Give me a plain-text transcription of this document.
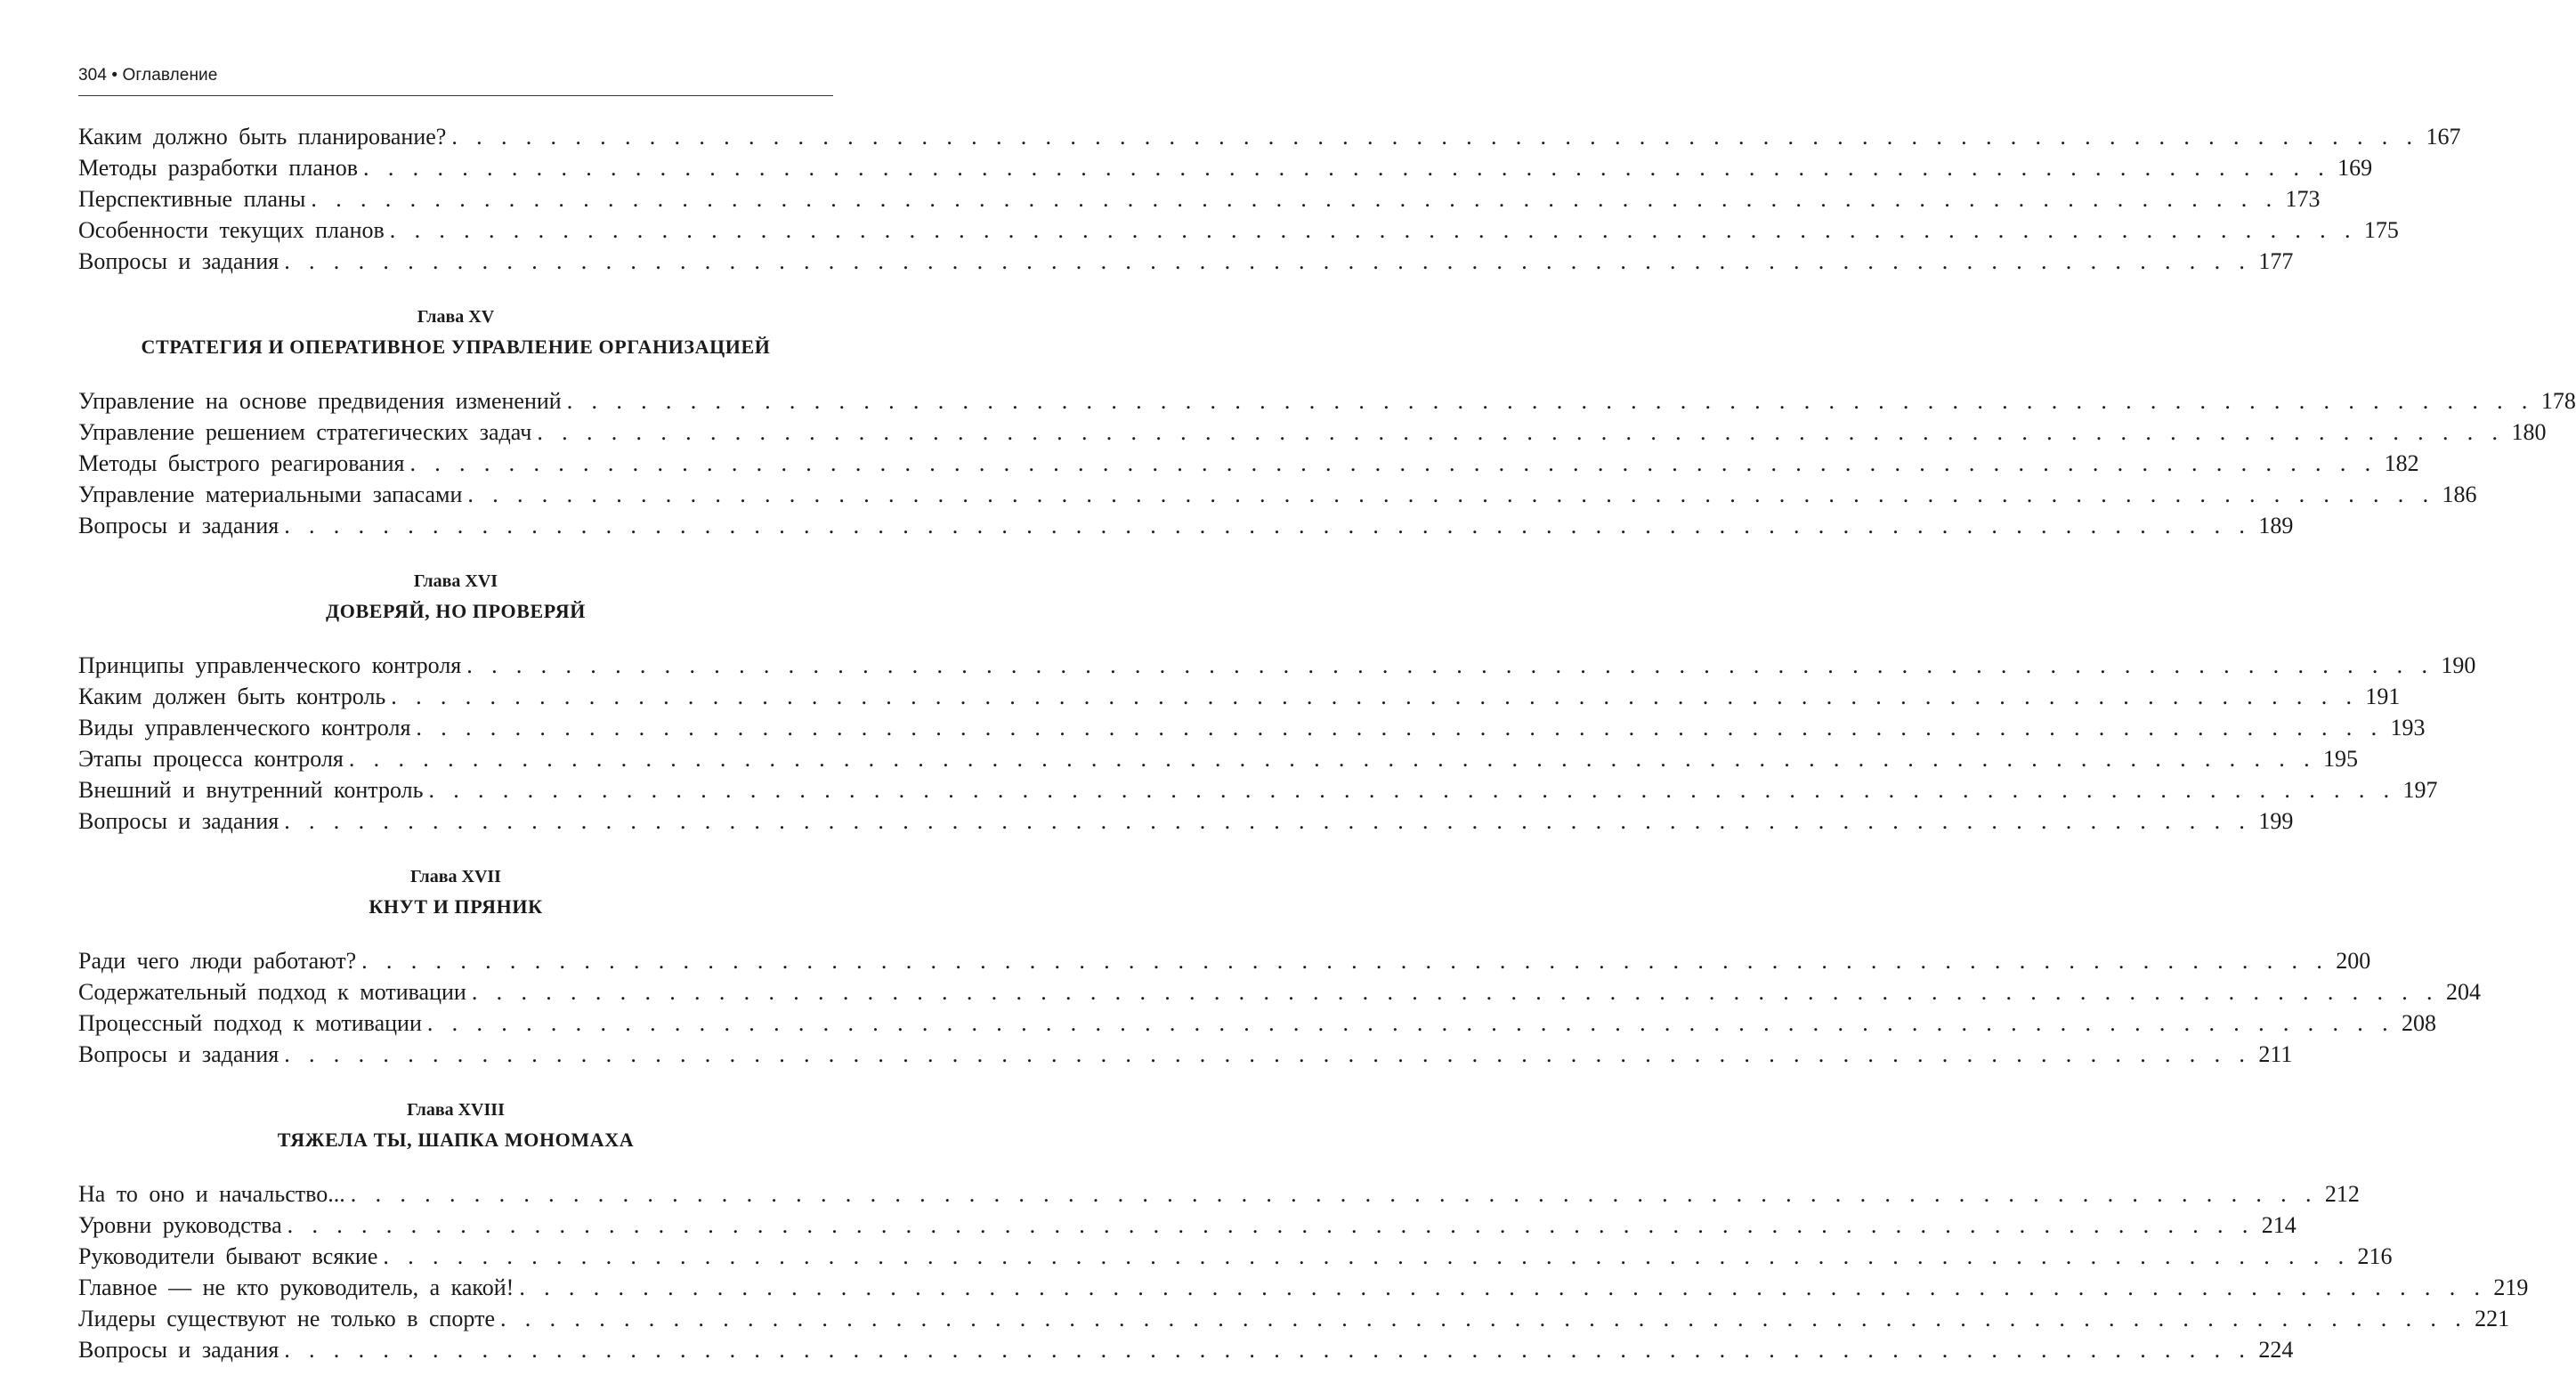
304 • Оглавление
Каким должно быть планирование? . . . . . . . . . . . . . . . . . . . . . . . . . . . . . . . . . . . . . . . . . . . . . . . . . . . . . . . . . . . . . . . . . . . . . . . . . . . . . . . . 167
Методы разработки планов . . . . . . . . . . . . . . . . . . . . . . . . . . . . . . . . . . . . . . . . . . . . . . . . . . . . . . . . . . . . . . . . . . . . . . . . . . . . . . . . 169
Перспективные планы . . . . . . . . . . . . . . . . . . . . . . . . . . . . . . . . . . . . . . . . . . . . . . . . . . . . . . . . . . . . . . . . . . . . . . . . . . . . . . . . 173
Особенности текущих планов . . . . . . . . . . . . . . . . . . . . . . . . . . . . . . . . . . . . . . . . . . . . . . . . . . . . . . . . . . . . . . . . . . . . . . . . . . . . . . . . 175
Вопросы и задания . . . . . . . . . . . . . . . . . . . . . . . . . . . . . . . . . . . . . . . . . . . . . . . . . . . . . . . . . . . . . . . . . . . . . . . . . . . . . . . . 177
Глава XV
СТРАТЕГИЯ И ОПЕРАТИВНОЕ УПРАВЛЕНИЕ ОРГАНИЗАЦИЕЙ
Управление на основе предвидения изменений . . . . . . . . . . . . . . . . . . . . . . . . . . . . . . . . . . . . . . . . . . . . . . . . . . . . . . . . . . . . . . . . . . . . . . . . . . . . . . . . 178
Управление решением стратегических задач . . . . . . . . . . . . . . . . . . . . . . . . . . . . . . . . . . . . . . . . . . . . . . . . . . . . . . . . . . . . . . . . . . . . . . . . . . . . . . . . 180
Методы быстрого реагирования . . . . . . . . . . . . . . . . . . . . . . . . . . . . . . . . . . . . . . . . . . . . . . . . . . . . . . . . . . . . . . . . . . . . . . . . . . . . . . . . 182
Управление материальными запасами . . . . . . . . . . . . . . . . . . . . . . . . . . . . . . . . . . . . . . . . . . . . . . . . . . . . . . . . . . . . . . . . . . . . . . . . . . . . . . . . 186
Вопросы и задания . . . . . . . . . . . . . . . . . . . . . . . . . . . . . . . . . . . . . . . . . . . . . . . . . . . . . . . . . . . . . . . . . . . . . . . . . . . . . . . . 189
Глава XVI
ДОВЕРЯЙ, НО ПРОВЕРЯЙ
Принципы управленческого контроля . . . . . . . . . . . . . . . . . . . . . . . . . . . . . . . . . . . . . . . . . . . . . . . . . . . . . . . . . . . . . . . . . . . . . . . . . . . . . . . . 190
Каким должен быть контроль . . . . . . . . . . . . . . . . . . . . . . . . . . . . . . . . . . . . . . . . . . . . . . . . . . . . . . . . . . . . . . . . . . . . . . . . . . . . . . . . 191
Виды управленческого контроля . . . . . . . . . . . . . . . . . . . . . . . . . . . . . . . . . . . . . . . . . . . . . . . . . . . . . . . . . . . . . . . . . . . . . . . . . . . . . . . . 193
Этапы процесса контроля . . . . . . . . . . . . . . . . . . . . . . . . . . . . . . . . . . . . . . . . . . . . . . . . . . . . . . . . . . . . . . . . . . . . . . . . . . . . . . . . 195
Внешний и внутренний контроль . . . . . . . . . . . . . . . . . . . . . . . . . . . . . . . . . . . . . . . . . . . . . . . . . . . . . . . . . . . . . . . . . . . . . . . . . . . . . . . . 197
Вопросы и задания . . . . . . . . . . . . . . . . . . . . . . . . . . . . . . . . . . . . . . . . . . . . . . . . . . . . . . . . . . . . . . . . . . . . . . . . . . . . . . . . 199
Глава XVII
КНУТ И ПРЯНИК
Ради чего люди работают? . . . . . . . . . . . . . . . . . . . . . . . . . . . . . . . . . . . . . . . . . . . . . . . . . . . . . . . . . . . . . . . . . . . . . . . . . . . . . . . . 200
Содержательный подход к мотивации . . . . . . . . . . . . . . . . . . . . . . . . . . . . . . . . . . . . . . . . . . . . . . . . . . . . . . . . . . . . . . . . . . . . . . . . . . . . . . . . 204
Процессный подход к мотивации . . . . . . . . . . . . . . . . . . . . . . . . . . . . . . . . . . . . . . . . . . . . . . . . . . . . . . . . . . . . . . . . . . . . . . . . . . . . . . . . 208
Вопросы и задания . . . . . . . . . . . . . . . . . . . . . . . . . . . . . . . . . . . . . . . . . . . . . . . . . . . . . . . . . . . . . . . . . . . . . . . . . . . . . . . . 211
Глава XVIII
ТЯЖЕЛА ТЫ, ШАПКА МОНОМАХА
На то оно и начальство... . . . . . . . . . . . . . . . . . . . . . . . . . . . . . . . . . . . . . . . . . . . . . . . . . . . . . . . . . . . . . . . . . . . . . . . . . . . . . . . . 212
Уровни руководства . . . . . . . . . . . . . . . . . . . . . . . . . . . . . . . . . . . . . . . . . . . . . . . . . . . . . . . . . . . . . . . . . . . . . . . . . . . . . . . . 214
Руководители бывают всякие . . . . . . . . . . . . . . . . . . . . . . . . . . . . . . . . . . . . . . . . . . . . . . . . . . . . . . . . . . . . . . . . . . . . . . . . . . . . . . . . 216
Главное — не кто руководитель, а какой! . . . . . . . . . . . . . . . . . . . . . . . . . . . . . . . . . . . . . . . . . . . . . . . . . . . . . . . . . . . . . . . . . . . . . . . . . . . . . . . . 219
Лидеры существуют не только в спорте . . . . . . . . . . . . . . . . . . . . . . . . . . . . . . . . . . . . . . . . . . . . . . . . . . . . . . . . . . . . . . . . . . . . . . . . . . . . . . . . 221
Вопросы и задания . . . . . . . . . . . . . . . . . . . . . . . . . . . . . . . . . . . . . . . . . . . . . . . . . . . . . . . . . . . . . . . . . . . . . . . . . . . . . . . . 224
